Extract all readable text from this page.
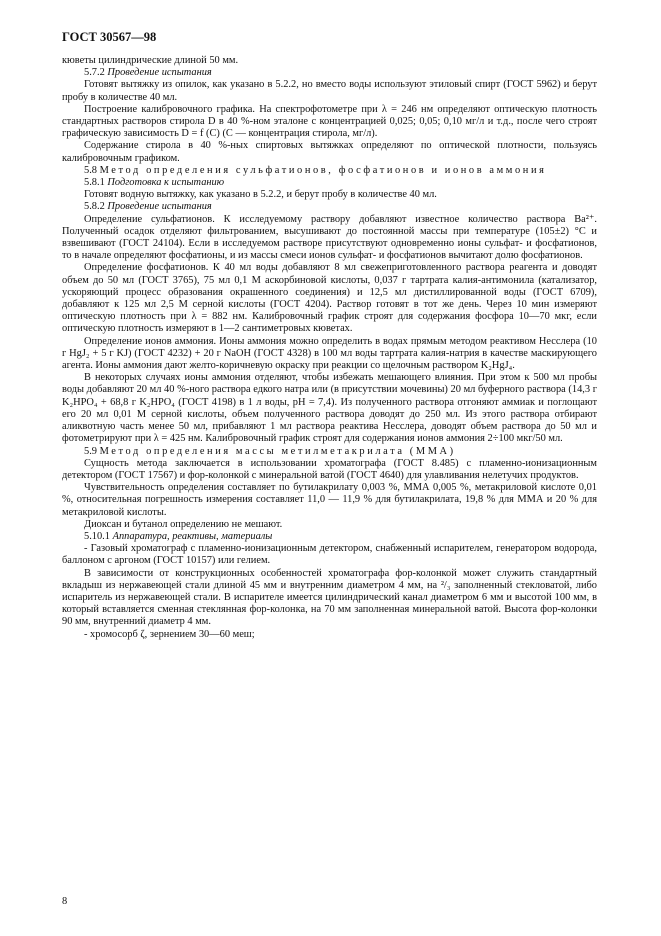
ГОСТ 30567—98

кюветы цилиндрические длиной 50 мм.

5.7.2 Проведение испытания

Готовят вытяжку из опилок, как указано в 5.2.2, но вместо воды используют этиловый спирт (ГОСТ 5962) и берут пробу в количестве 40 мл.

Построение калибровочного графика. На спектрофотометре при λ = 246 нм определяют оптическую плотность стандартных растворов стирола D в 40 %-ном эталоне с концентрацией 0,025; 0,05; 0,10 мг/л и т.д., после чего строят графическую зависимость D = f (C) (C — концентрация стирола, мг/л).

Содержание стирола в 40 %-ных спиртовых вытяжках определяют по оптической плотности, пользуясь калибровочным графиком.

5.8 Метод определения сульфатионов, фосфатионов и ионов аммония

5.8.1 Подготовка к испытанию

Готовят водную вытяжку, как указано в 5.2.2, и берут пробу в количестве 40 мл.

5.8.2 Проведение испытания

Определение сульфатионов. К исследуемому раствору добавляют известное количество раствора Ba²⁺. Полученный осадок отделяют фильтрованием, высушивают до постоянной массы при температуре (105±2) °С и взвешивают (ГОСТ 24104). Если в исследуемом растворе присутствуют одновременно ионы сульфат- и фосфатионов, то в начале определяют фосфатионы, и из массы смеси ионов сульфат- и фосфатионов вычитают долю фосфатионов.

Определение фосфатионов. К 40 мл воды добавляют 8 мл свежеприготовленного раствора реагента и доводят объем до 50 мл (ГОСТ 3765), 75 мл 0,1 М аскорбиновой кислоты, 0,037 г тартрата калия-антимонила (катализатор, ускоряющий процесс образования окрашенного соединения) и 12,5 мл дистиллированной воды (ГОСТ 6709), добавляют к 125 мл 2,5 М серной кислоты (ГОСТ 4204). Раствор готовят в тот же день. Через 10 мин измеряют оптическую плотность при λ = 882 нм. Калибровочный график строят для содержания фосфора 10—70 мкг, если оптическую плотность измеряют в 1—2 сантиметровых кюветах.

Определение ионов аммония. Ионы аммония можно определить в водах прямым методом реактивом Несслера (10 г HgJ₂ + 5 г KJ) (ГОСТ 4232) + 20 г NaOH (ГОСТ 4328) в 100 мл воды тартрата калия-натрия в качестве маскирующего агента. Ионы аммония дают желто-коричневую окраску при реакции со щелочным раствором K₂HgJ₄.

В некоторых случаях ионы аммония отделяют, чтобы избежать мешающего влияния. При этом к 500 мл пробы воды добавляют 20 мл 40 %-ного раствора едкого натра или (в присутствии мочевины) 20 мл буферного раствора (14,3 г K₂HPO₄ + 68,8 г K₂HPO₄ (ГОСТ 4198) в 1 л воды, pH = 7,4). Из полученного раствора отгоняют аммиак и поглощают его 20 мл 0,01 М серной кислоты, объем полученного раствора доводят до 250 мл. Из этого раствора отбирают аликвотную часть менее 50 мл, прибавляют 1 мл раствора реактива Несслера, доводят объем раствора до 50 мл и фотометрируют при λ = 425 нм. Калибровочный график строят для содержания ионов аммония 2÷100 мкг/50 мл.

5.9 Метод определения массы метилметакрилата (ММА)

Сущность метода заключается в использовании хроматографа (ГОСТ 8.485) с пламенно-ионизационным детектором (ГОСТ 17567) и фор-колонкой с минеральной ватой (ГОСТ 4640) для улавливания нелетучих продуктов.

Чувствительность определения составляет по бутилакрилату 0,003 %, ММА 0,005 %, метакриловой кислоте 0,01 %, относительная погрешность измерения составляет 11,0 — 11,9 % для бутилакрилата, 19,8 % для ММА и 20 % для метакриловой кислоты.

Диоксан и бутанол определению не мешают.

5.10.1 Аппаратура, реактивы, материалы

- Газовый хроматограф с пламенно-ионизационным детектором, снабженный испарителем, генератором водорода, баллоном с аргоном (ГОСТ 10157) или гелием.

В зависимости от конструкционных особенностей хроматографа фор-колонкой может служить стандартный вкладыш из нержавеющей стали длиной 45 мм и внутренним диаметром 4 мм, на ²/₃ заполненный стекловатой, либо испаритель из нержавеющей стали. В испарителе имеется цилиндрический канал диаметром 6 мм и высотой 100 мм, в который вставляется сменная стеклянная фор-колонка, на 70 мм заполненная минеральной ватой. Высота фор-колонки 90 мм, внутренний диаметр 4 мм.

- хромосорб ζ, зернением 30—60 меш;

8
